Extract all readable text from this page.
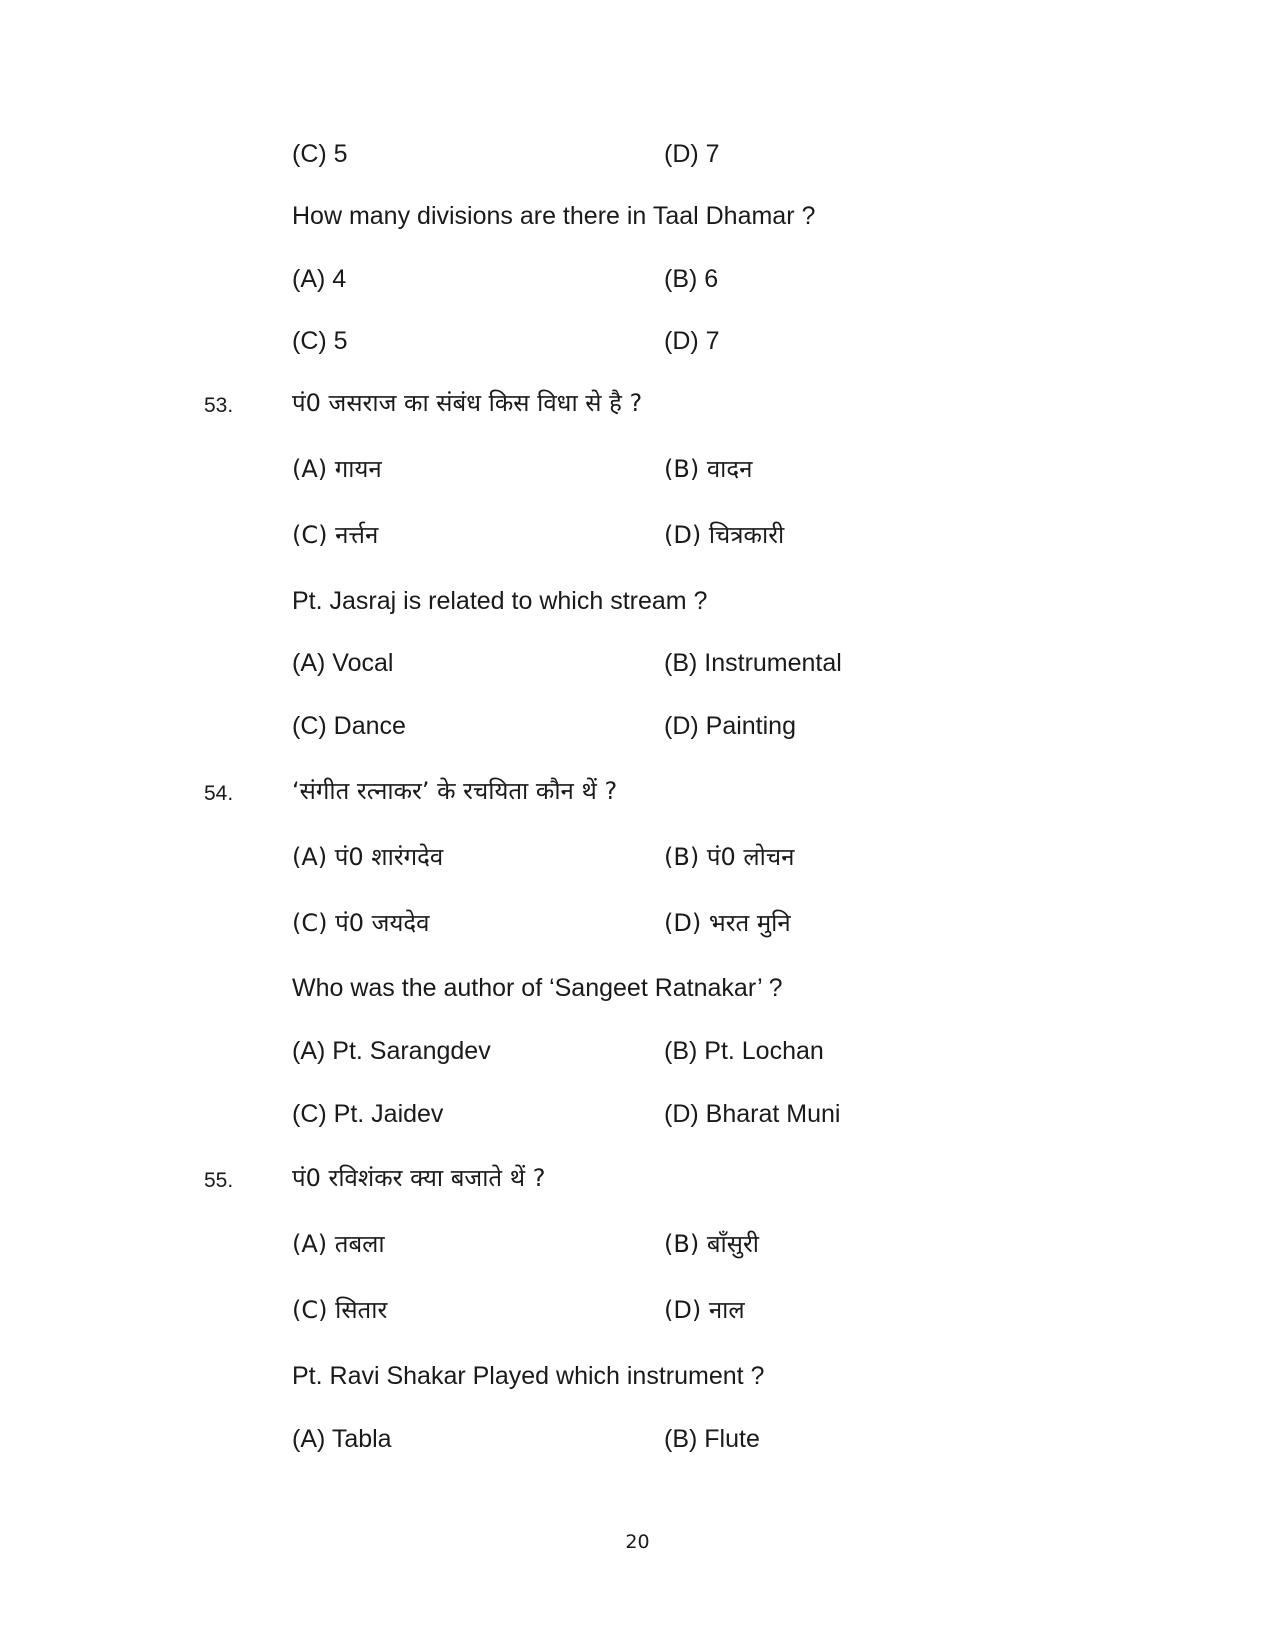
(C) 5	(D) 7
How many divisions are there in Taal Dhamar ?
(A) 4	(B) 6
(C) 5	(D) 7
53. पं0 जसराज का संबंध किस विधा से है ?
(A) गायन	(B) वादन
(C) नर्त्तन	(D) चित्रकारी
Pt. Jasraj is related to which stream ?
(A) Vocal	(B) Instrumental
(C) Dance	(D) Painting
54. ‘संगीत रत्नाकर’ के रचयिता कौन थें ?
(A) पं0 शारंगदेव	(B) पं0 लोचन
(C) पं0 जयदेव	(D) भरत मुनि
Who was the author of ‘Sangeet Ratnakar’ ?
(A) Pt. Sarangdev	(B) Pt. Lochan
(C) Pt. Jaidev	(D) Bharat Muni
55. पं0 रविशंकर क्या बजाते थें ?
(A) तबला	(B) बाँसुरी
(C) सितार	(D) नाल
Pt. Ravi Shakar Played which instrument ?
(A) Tabla	(B) Flute
20
